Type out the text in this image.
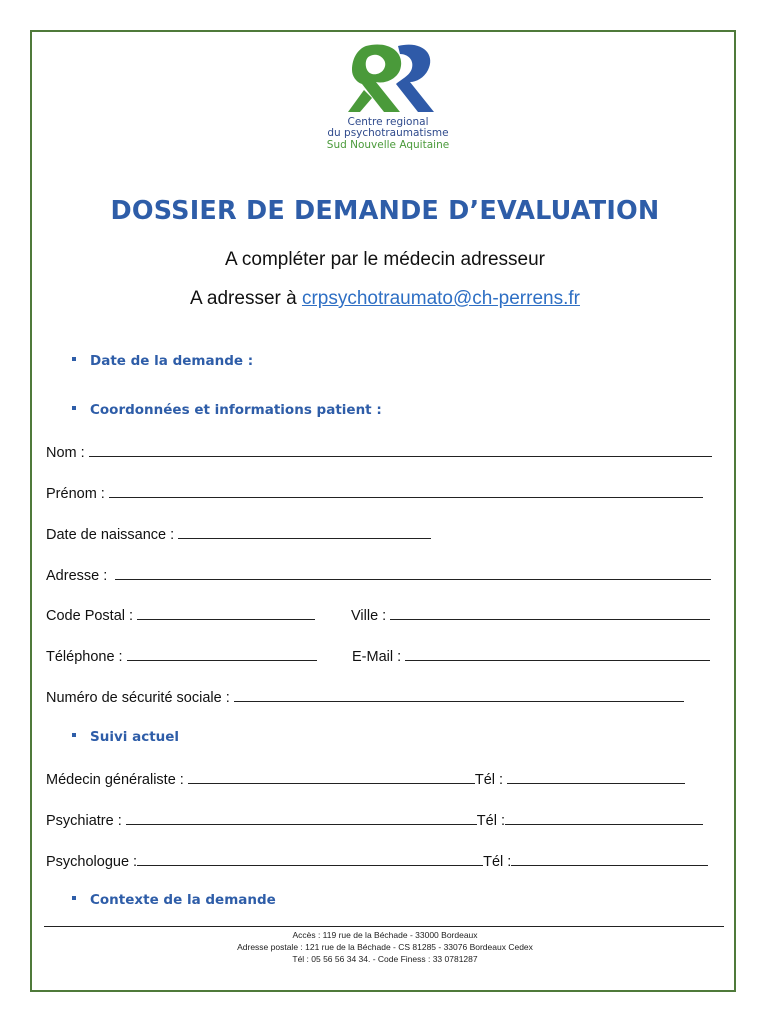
Centre regional
du psychotraumatisme
Sud Nouvelle Aquitaine
DOSSIER DE DEMANDE D’EVALUATION
A compléter par le médecin adresseur
A adresser à crpsychotraumato@ch-perrens.fr
Date de la demande :
Coordonnées et informations patient :
Nom :
Prénom :
Date de naissance :
Adresse :
Code Postal :	Ville :
Téléphone :	E-Mail :
Numéro de sécurité sociale :
Suivi actuel
Médecin généraliste :	Tél :
Psychiatre :	Tél :
Psychologue :	Tél :
Contexte de la demande
Accès : 119 rue de la Béchade - 33000 Bordeaux
Adresse postale : 121 rue de la Béchade - CS 81285 - 33076 Bordeaux Cedex
Tél : 05 56 56 34 34. - Code Finess : 33 0781287
